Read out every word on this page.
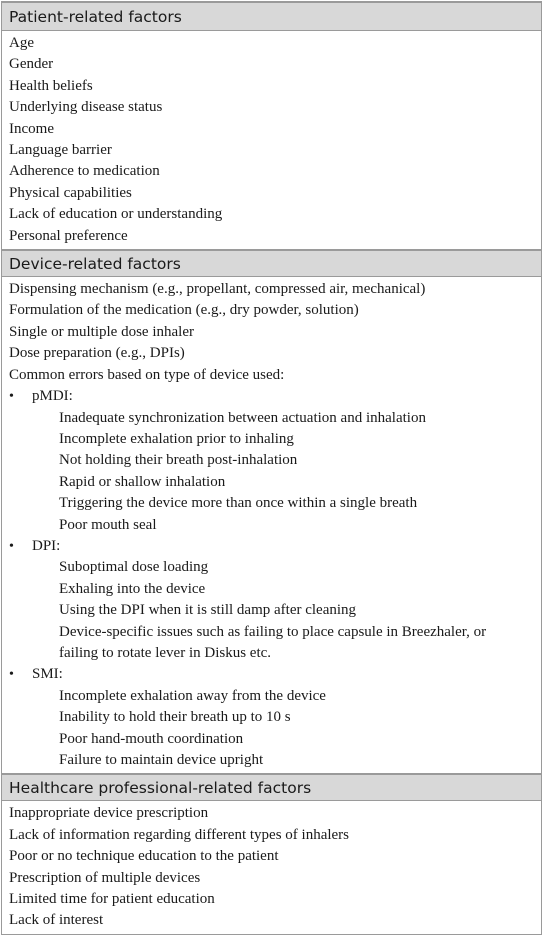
Patient-related factors
Age
Gender
Health beliefs
Underlying disease status
Income
Language barrier
Adherence to medication
Physical capabilities
Lack of education or understanding
Personal preference
Device-related factors
Dispensing mechanism (e.g., propellant, compressed air, mechanical)
Formulation of the medication (e.g., dry powder, solution)
Single or multiple dose inhaler
Dose preparation (e.g., DPIs)
Common errors based on type of device used:
• pMDI:
Inadequate synchronization between actuation and inhalation
Incomplete exhalation prior to inhaling
Not holding their breath post-inhalation
Rapid or shallow inhalation
Triggering the device more than once within a single breath
Poor mouth seal
• DPI:
Suboptimal dose loading
Exhaling into the device
Using the DPI when it is still damp after cleaning
Device-specific issues such as failing to place capsule in Breezhaler, or
failing to rotate lever in Diskus etc.
• SMI:
Incomplete exhalation away from the device
Inability to hold their breath up to 10 s
Poor hand-mouth coordination
Failure to maintain device upright
Healthcare professional-related factors
Inappropriate device prescription
Lack of information regarding different types of inhalers
Poor or no technique education to the patient
Prescription of multiple devices
Limited time for patient education
Lack of interest
